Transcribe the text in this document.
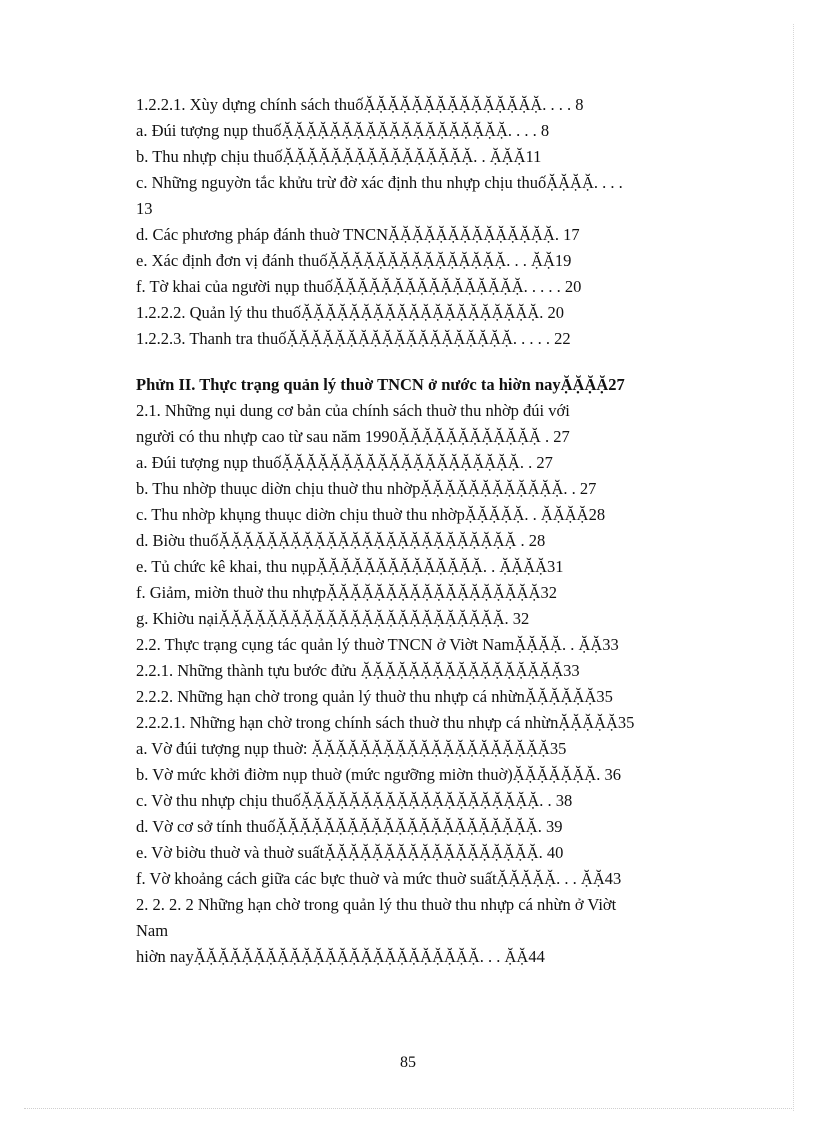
1.2.2.1. Xùy dựng chính sách thuốẶẶẶẶẶẶẶẶẶẶẶẶẶẶẶ. . . . 8
a. Đúi tượng nụp thuốẶẶẶẶẶẶẶẶẶẶẶẶẶẶẶẶẶẶẶ. . . . 8
b. Thu nhựp chịu thuốẶẶẶẶẶẶẶẶẶẶẶẶẶẶẶẶ. . ẶẶẶ11
c. Những nguyờn tắc khửu trừ đờ xác định thu nhựp chịu thuốẶẶẶẶ. . . .
13
d. Các phương pháp đánh thuờ TNCNẶẶẶẶẶẶẶẶẶẶẶẶẶẶ. 17
e. Xác định đơn vị đánh thuốẶẶẶẶẶẶẶẶẶẶẶẶẶẶẶ. . . ẶẶ19
f. Tờ khai của người nụp thuốẶẶẶẶẶẶẶẶẶẶẶẶẶẶẶẶ. . . . . 20
1.2.2.2. Quản lý thu thuốẶẶẶẶẶẶẶẶẶẶẶẶẶẶẶẶẶẶẶẶ. 20
1.2.2.3. Thanh tra thuốẶẶẶẶẶẶẶẶẶẶẶẶẶẶẶẶẶẶẶ. . . . . 22
Phửn II. Thực trạng quản lý thuờ TNCN ở nước ta hiờn nayẶẶẶẶ27
2.1. Những nụi dung cơ bản của chính sách thuờ thu nhờp đúi với
người có thu nhựp cao từ sau năm 1990ẶẶẶẶẶẶẶẶẶẶẶẶ . 27
a. Đúi tượng nụp thuốẶẶẶẶẶẶẶẶẶẶẶẶẶẶẶẶẶẶẶẶ. . 27
b. Thu nhờp thuục diờn chịu thuờ thu nhờpẶẶẶẶẶẶẶẶẶẶẶẶ. . 27
c. Thu nhờp khụng thuục diờn chịu thuờ thu nhờpẶẶẶẶẶ. . ẶẶẶẶ28
d. Biờu thuốẶẶẶẶẶẶẶẶẶẶẶẶẶẶẶẶẶẶẶẶẶẶẶẶẶ . 28
e. Tủ chức kê khai, thu nụpẶẶẶẶẶẶẶẶẶẶẶẶẶẶ. . ẶẶẶẶ31
f. Giảm, miờn thuờ thu nhựpẶẶẶẶẶẶẶẶẶẶẶẶẶẶẶẶẶẶ32
g. Khiờu nạiẶẶẶẶẶẶẶẶẶẶẶẶẶẶẶẶẶẶẶẶẶẶẶẶ. 32
2.2. Thực trạng cụng tác quản lý thuờ TNCN ở Viờt NamẶẶẶẶ. . ẶẶ33
2.2.1. Những thành tựu bước đửu ẶẶẶẶẶẶẶẶẶẶẶẶẶẶẶẶẶ33
2.2.2. Những hạn chờ trong quản lý thuờ thu nhựp cá nhừnẶẶẶẶẶẶ35
2.2.2.1. Những hạn chờ trong chính sách thuờ thu nhựp cá nhừnẶẶẶẶẶ35
a. Vờ đúi tượng nụp thuờ: ẶẶẶẶẶẶẶẶẶẶẶẶẶẶẶẶẶẶẶẶ35
b. Vờ mức khởi điờm nụp thuờ (mức ngưỡng miờn thuờ)ẶẶẶẶẶẶẶ. 36
c. Vờ thu nhựp chịu thuốẶẶẶẶẶẶẶẶẶẶẶẶẶẶẶẶẶẶẶẶ. . 38
d. Vờ cơ sở tính thuốẶẶẶẶẶẶẶẶẶẶẶẶẶẶẶẶẶẶẶẶẶẶ. 39
e. Vờ biờu thuờ và thuờ suấtẶẶẶẶẶẶẶẶẶẶẶẶẶẶẶẶẶẶ. 40
f. Vờ khoảng cách giữa các bực thuờ và mức thuờ suấtẶẶẶẶẶ. . . ẶẶ43
2. 2. 2. 2 Những hạn chờ trong quản lý thu thuờ thu nhựp cá nhừn ở Viờt
Nam
hiờn nayẶẶẶẶẶẶẶẶẶẶẶẶẶẶẶẶẶẶẶẶẶẶẶẶ. . . ẶẶ44
85
